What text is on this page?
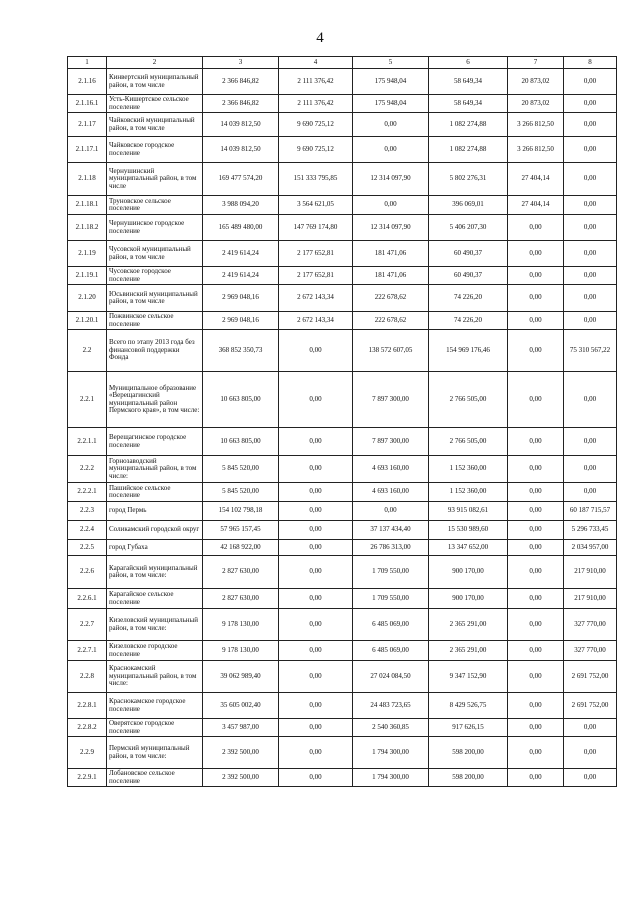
4
1	2	3	4	5	6	7	8
2.1.16	Кинвертский муниципальный район, в том числе	2 366 846,82	2 111 376,42	175 948,04	58 649,34	20 873,02	0,00
2.1.16.1	Усть-Кишертское сельское поселение	2 366 846,82	2 111 376,42	175 948,04	58 649,34	20 873,02	0,00
2.1.17	Чайковский муниципальный район, в том числе	14 039 812,50	9 690 725,12	0,00	1 082 274,88	3 266 812,50	0,00
2.1.17.1	Чайковское городское поселение	14 039 812,50	9 690 725,12	0,00	1 082 274,88	3 266 812,50	0,00
2.1.18	Чернушинский муниципальный район, в том числе	169 477 574,20	151 333 795,85	12 314 097,90	5 802 276,31	27 404,14	0,00
2.1.18.1	Труновское сельское поселение	3 988 094,20	3 564 621,05	0,00	396 069,01	27 404,14	0,00
2.1.18.2	Чернушинское городское поселение	165 489 480,00	147 769 174,80	12 314 097,90	5 406 207,30	0,00	0,00
2.1.19	Чусовской муниципальный район, в том числе	2 419 614,24	2 177 652,81	181 471,06	60 490,37	0,00	0,00
2.1.19.1	Чусовское городское поселение	2 419 614,24	2 177 652,81	181 471,06	60 490,37	0,00	0,00
2.1.20	Юсьвинский муниципальный район, в том числе	2 969 048,16	2 672 143,34	222 678,62	74 226,20	0,00	0,00
2.1.20.1	Пожвинское сельское поселение	2 969 048,16	2 672 143,34	222 678,62	74 226,20	0,00	0,00
2.2	Всего по этапу 2013 года без финансовой поддержки Фонда	368 852 350,73	0,00	138 572 607,05	154 969 176,46	0,00	75 310 567,22
2.2.1	Муниципальное образование «Верещагинский муниципальный район Пермского края», в том числе:	10 663 805,00	0,00	7 897 300,00	2 766 505,00	0,00	0,00
2.2.1.1	Верещагинское городское поселение	10 663 805,00	0,00	7 897 300,00	2 766 505,00	0,00	0,00
2.2.2	Горнозаводский муниципальный район, в том числе:	5 845 520,00	0,00	4 693 160,00	1 152 360,00	0,00	0,00
2.2.2.1	Пашийское сельское поселение	5 845 520,00	0,00	4 693 160,00	1 152 360,00	0,00	0,00
2.2.3	город Пермь	154 102 798,18	0,00	0,00	93 915 082,61	0,00	60 187 715,57
2.2.4	Соликамский городской округ	57 965 157,45	0,00	37 137 434,40	15 530 989,60	0,00	5 296 733,45
2.2.5	город Губаха	42 168 922,00	0,00	26 786 313,00	13 347 652,00	0,00	2 034 957,00
2.2.6	Карагайский муниципальный район, в том числе:	2 827 630,00	0,00	1 709 550,00	900 170,00	0,00	217 910,00
2.2.6.1	Карагайское сельское поселение	2 827 630,00	0,00	1 709 550,00	900 170,00	0,00	217 910,00
2.2.7	Кизеловский муниципальный район, в том числе:	9 178 130,00	0,00	6 485 069,00	2 365 291,00	0,00	327 770,00
2.2.7.1	Кизеловское городское поселение	9 178 130,00	0,00	6 485 069,00	2 365 291,00	0,00	327 770,00
2.2.8	Краснокамский муниципальный район, в том числе:	39 062 989,40	0,00	27 024 084,50	9 347 152,90	0,00	2 691 752,00
2.2.8.1	Краснокамское городское поселение	35 605 002,40	0,00	24 483 723,65	8 429 526,75	0,00	2 691 752,00
2.2.8.2	Оверятское городское поселение	3 457 987,00	0,00	2 540 360,85	917 626,15	0,00	0,00
2.2.9	Пермский муниципальный район, в том числе:	2 392 500,00	0,00	1 794 300,00	598 200,00	0,00	0,00
2.2.9.1	Лобановское сельское поселение	2 392 500,00	0,00	1 794 300,00	598 200,00	0,00	0,00
